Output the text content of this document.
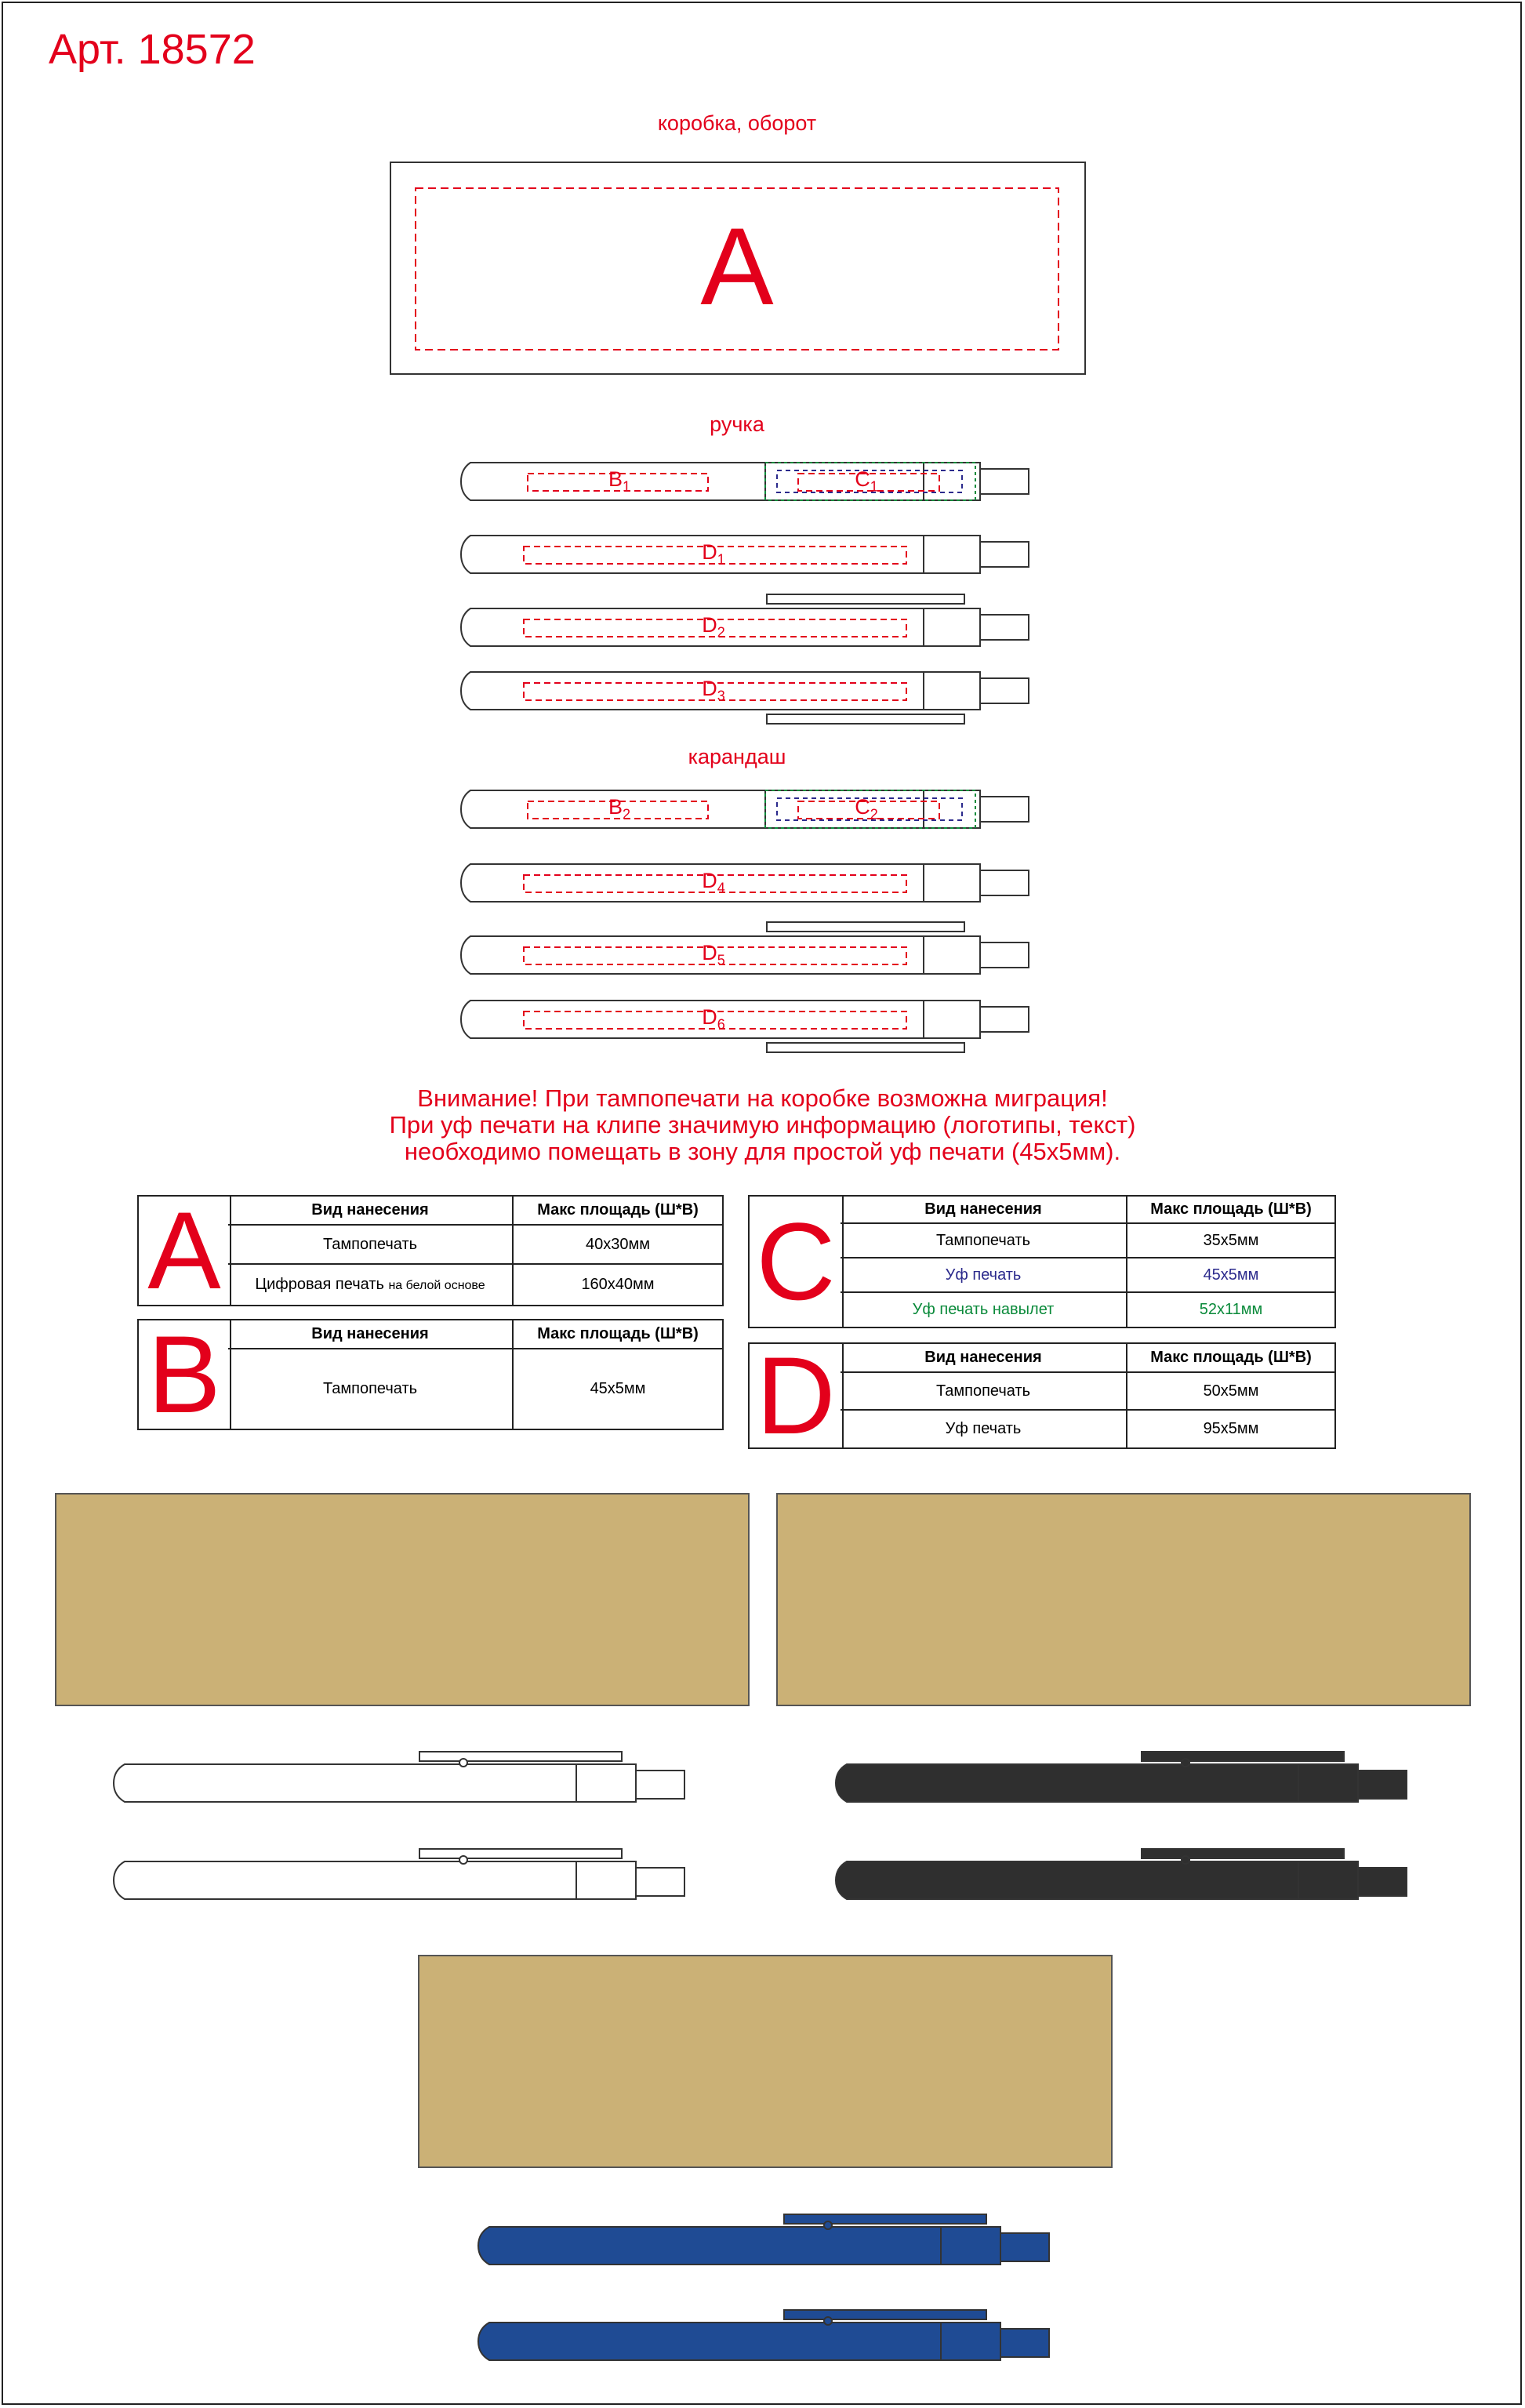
Арт. 18572
коробка, оборот
A
ручка
карандаш
$B_1$	$C_1$
$D_1$
$D_2$
$D_3$
$B_2$	$C_2$
$D_4$
$D_5$
$D_6$
Внимание! При тампопечати на коробке возможна миграция!
При уф печати на клипе значимую информацию (логотипы, текст)
необходимо помещать в зону для простой уф печати (45х5мм).
A	Вид нанесения	Макс площадь (Ш*В)
Тампопечать	40x30мм
Цифровая печать на белой основе	160x40мм
B	Вид нанесения	Макс площадь (Ш*В)
Тампопечать	45x5мм
C	Вид нанесения	Макс площадь (Ш*В)
Тампопечать	35x5мм
Уф печать	45x5мм
Уф печать навылет	52x11мм
D	Вид нанесения	Макс площадь (Ш*В)
Тампопечать	50x5мм
Уф печать	95x5мм
